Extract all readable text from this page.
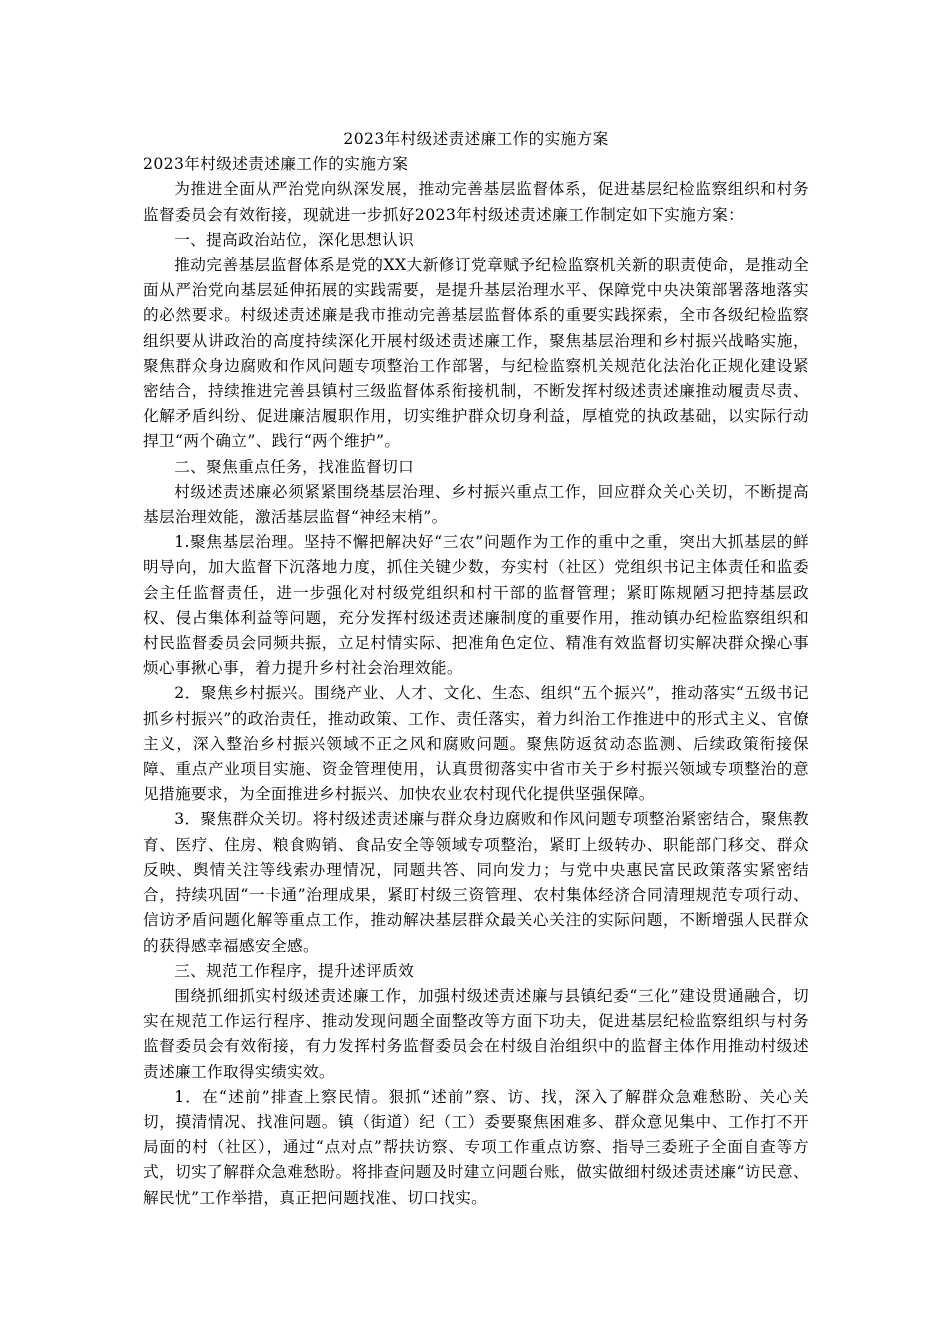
2023年村级述责述廉工作的实施方案

2023年村级述责述廉工作的实施方案

为推进全面从严治党向纵深发展，推动完善基层监督体系，促进基层纪检监察组织和村务监督委员会有效衔接，现就进一步抓好2023年村级述责述廉工作制定如下实施方案：

一、提高政治站位，深化思想认识

推动完善基层监督体系是党的XX大新修订党章赋予纪检监察机关新的职责使命，是推动全面从严治党向基层延伸拓展的实践需要，是提升基层治理水平、保障党中央决策部署落地落实的必然要求。村级述责述廉是我市推动完善基层监督体系的重要实践探索，全市各级纪检监察组织要从讲政治的高度持续深化开展村级述责述廉工作，聚焦基层治理和乡村振兴战略实施，聚焦群众身边腐败和作风问题专项整治工作部署，与纪检监察机关规范化法治化正规化建设紧密结合，持续推进完善县镇村三级监督体系衔接机制，不断发挥村级述责述廉推动履责尽责、化解矛盾纠纷、促进廉洁履职作用，切实维护群众切身利益，厚植党的执政基础，以实际行动捍卫“两个确立”、践行“两个维护”。

二、聚焦重点任务，找准监督切口

村级述责述廉必须紧紧围绕基层治理、乡村振兴重点工作，回应群众关心关切，不断提高基层治理效能，激活基层监督“神经末梢”。

1.聚焦基层治理。坚持不懈把解决好“三农”问题作为工作的重中之重，突出大抓基层的鲜明导向，加大监督下沉落地力度，抓住关键少数，夯实村（社区）党组织书记主体责任和监委会主任监督责任，进一步强化对村级党组织和村干部的监督管理；紧盯陈规陋习把持基层政权、侵占集体利益等问题，充分发挥村级述责述廉制度的重要作用，推动镇办纪检监察组织和村民监督委员会同频共振，立足村情实际、把准角色定位、精准有效监督切实解决群众操心事烦心事揪心事，着力提升乡村社会治理效能。

2．聚焦乡村振兴。围绕产业、人才、文化、生态、组织“五个振兴”，推动落实“五级书记抓乡村振兴”的政治责任，推动政策、工作、责任落实，着力纠治工作推进中的形式主义、官僚主义，深入整治乡村振兴领域不正之风和腐败问题。聚焦防返贫动态监测、后续政策衔接保障、重点产业项目实施、资金管理使用，认真贯彻落实中省市关于乡村振兴领域专项整治的意见措施要求，为全面推进乡村振兴、加快农业农村现代化提供坚强保障。

3．聚焦群众关切。将村级述责述廉与群众身边腐败和作风问题专项整治紧密结合，聚焦教育、医疗、住房、粮食购销、食品安全等领域专项整治，紧盯上级转办、职能部门移交、群众反映、舆情关注等线索办理情况，同题共答、同向发力；与党中央惠民富民政策落实紧密结合，持续巩固“一卡通”治理成果，紧盯村级三资管理、农村集体经济合同清理规范专项行动、信访矛盾问题化解等重点工作，推动解决基层群众最关心关注的实际问题，不断增强人民群众的获得感幸福感安全感。

三、规范工作程序，提升述评质效

围绕抓细抓实村级述责述廉工作，加强村级述责述廉与县镇纪委“三化”建设贯通融合，切实在规范工作运行程序、推动发现问题全面整改等方面下功夫，促进基层纪检监察组织与村务监督委员会有效衔接，有力发挥村务监督委员会在村级自治组织中的监督主体作用推动村级述责述廉工作取得实绩实效。

1．在“述前”排查上察民情。狠抓“述前”察、访、找，深入了解群众急难愁盼、关心关切，摸清情况、找准问题。镇（街道）纪（工）委要聚焦困难多、群众意见集中、工作打不开局面的村（社区），通过“点对点”帮扶访察、专项工作重点访察、指导三委班子全面自查等方式，切实了解群众急难愁盼。将排查问题及时建立问题台账，做实做细村级述责述廉“访民意、解民忧”工作举措，真正把问题找准、切口找实。
